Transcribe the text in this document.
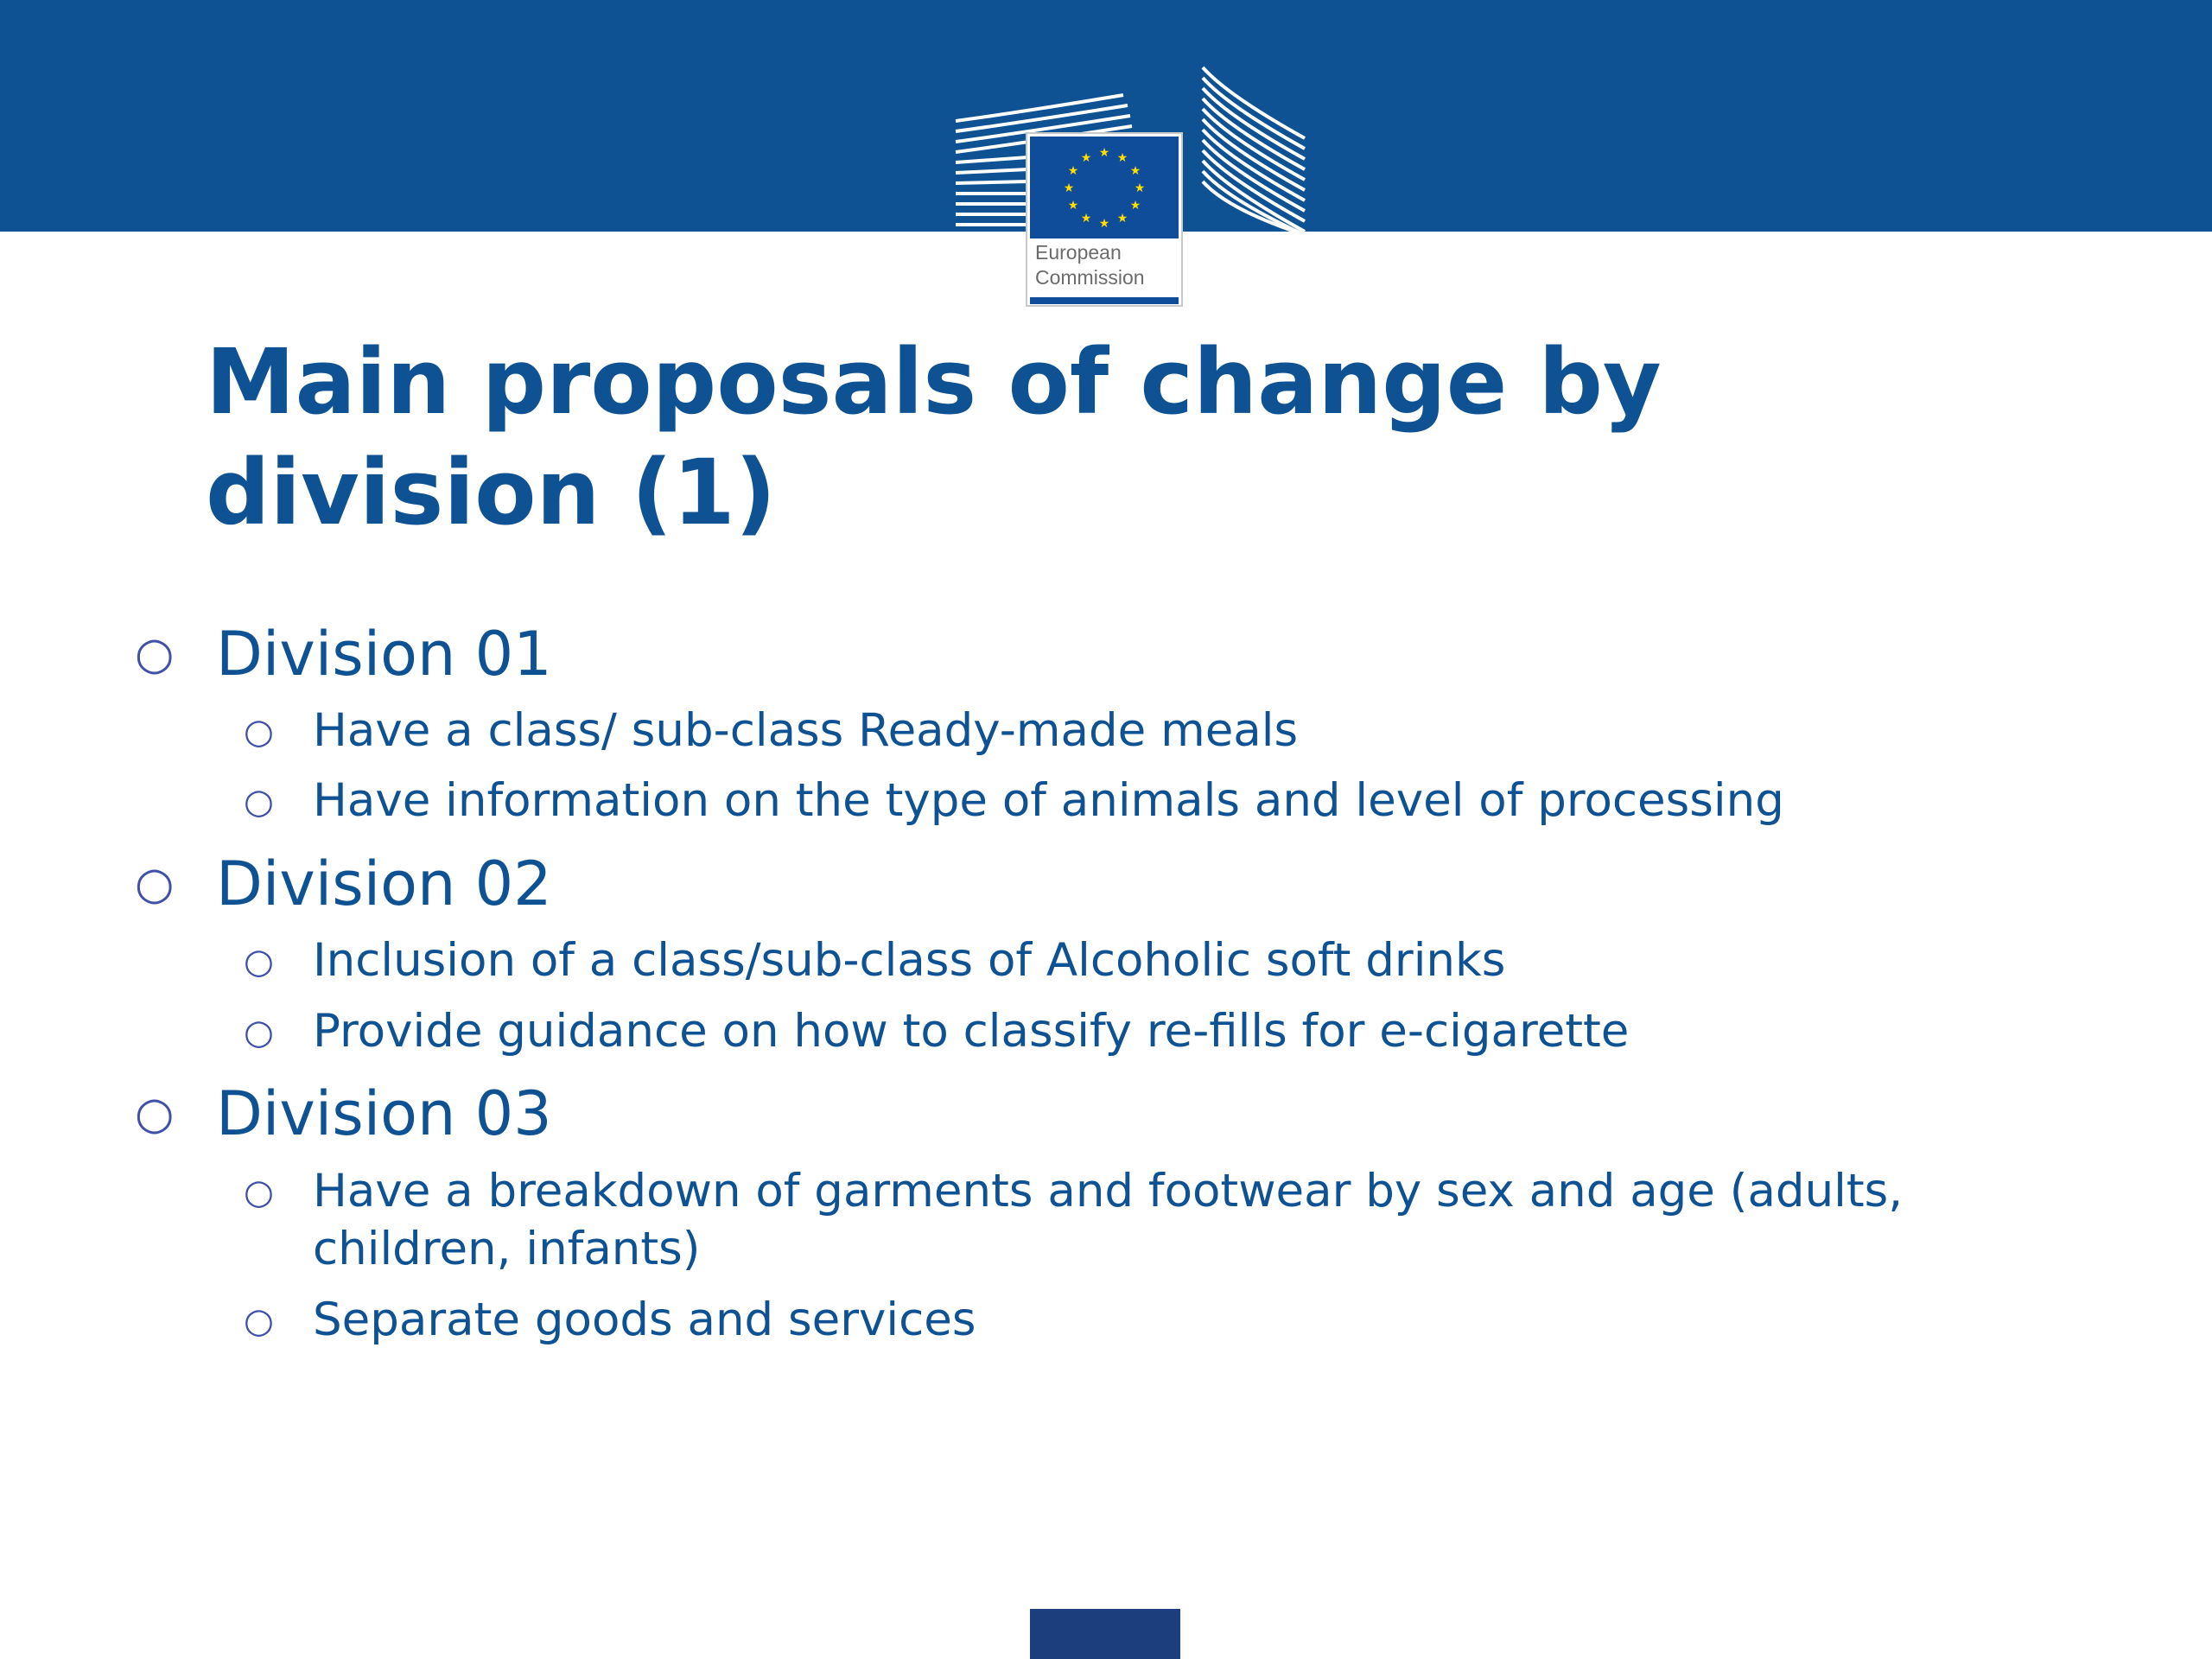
★ ★
★
★
★
★
★
★
★
★
★
★
European
Commission
Main proposals of change by division (1)
○ Division 01
○ Have a class/ sub-class Ready-made meals
○ Have information on the type of animals and level of processing
○ Division 02
○ Inclusion of a class/sub-class of Alcoholic soft drinks
○ Provide guidance on how to classify re-fills for e-cigarette
○ Division 03
○ Have a breakdown of garments and footwear by sex and age (adults, children, infants)
○ Separate goods and services
